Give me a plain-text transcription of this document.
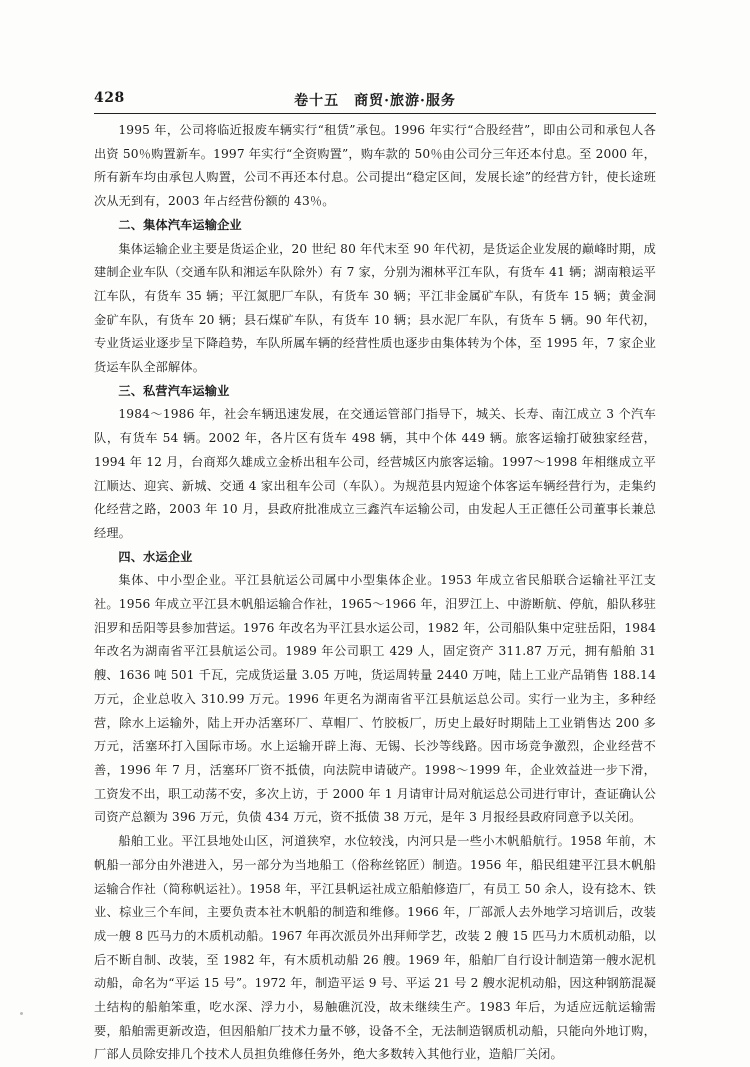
428	卷十五　商贸·旅游·服务

1995 年，公司将临近报废车辆实行“租赁”承包。1996 年实行“合股经营”，即由公司和承包人各出资 50％购置新车。1997 年实行“全资购置”，购车款的 50％由公司分三年还本付息。至 2000 年，所有新车均由承包人购置，公司不再还本付息。公司提出“稳定区间，发展长途”的经营方针，使长途班次从无到有，2003 年占经营份额的 43％。

二、集体汽车运输企业

集体运输企业主要是货运企业，20 世纪 80 年代末至 90 年代初，是货运企业发展的巅峰时期，成建制企业车队（交通车队和湘运车队除外）有 7 家，分别为湘林平江车队，有货车 41 辆；湖南粮运平江车队，有货车 35 辆；平江氮肥厂车队，有货车 30 辆；平江非金属矿车队，有货车 15 辆；黄金洞金矿车队，有货车 20 辆；县石煤矿车队，有货车 10 辆；县水泥厂车队，有货车 5 辆。90 年代初，专业货运业逐步呈下降趋势，车队所属车辆的经营性质也逐步由集体转为个体，至 1995 年，7 家企业货运车队全部解体。

三、私营汽车运输业

1984～1986 年，社会车辆迅速发展，在交通运管部门指导下，城关、长寿、南江成立 3 个汽车队，有货车 54 辆。2002 年，各片区有货车 498 辆，其中个体 449 辆。旅客运输打破独家经营，1994 年 12 月，台商郑久雄成立金桥出租车公司，经营城区内旅客运输。1997～1998 年相继成立平江顺达、迎宾、新城、交通 4 家出租车公司（车队）。为规范县内短途个体客运车辆经营行为，走集约化经营之路，2003 年 10 月，县政府批准成立三鑫汽车运输公司，由发起人王正德任公司董事长兼总经理。

四、水运企业

集体、中小型企业。平江县航运公司属中小型集体企业。1953 年成立省民船联合运输社平江支社。1956 年成立平江县木帆船运输合作社，1965～1966 年，汨罗江上、中游断航、停航，船队移驻汨罗和岳阳等县参加营运。1976 年改名为平江县水运公司，1982 年，公司船队集中定驻岳阳，1984 年改名为湖南省平江县航运公司。1989 年公司职工 429 人，固定资产 311.87 万元，拥有船舶 31 艘、1636 吨 501 千瓦，完成货运量 3.05 万吨，货运周转量 2440 万吨，陆上工业产品销售 188.14 万元，企业总收入 310.99 万元。1996 年更名为湖南省平江县航运总公司。实行一业为主，多种经营，除水上运输外，陆上开办活塞环厂、草帽厂、竹胶板厂，历史上最好时期陆上工业销售达 200 多万元，活塞环打入国际市场。水上运输开辟上海、无锡、长沙等线路。因市场竞争激烈，企业经营不善，1996 年 7 月，活塞环厂资不抵债，向法院申请破产。1998～1999 年，企业效益进一步下滑，工资发不出，职工动荡不安，多次上访，于 2000 年 1 月请审计局对航运总公司进行审计，查证确认公司资产总额为 396 万元，负债 434 万元，资不抵债 38 万元，是年 3 月报经县政府同意予以关闭。

船舶工业。平江县地处山区，河道狭窄，水位较浅，内河只是一些小木帆船航行。1958 年前，木帆船一部分由外港进入，另一部分为当地船工（俗称丝铭匠）制造。1956 年，船民组建平江县木帆船运输合作社（简称帆运社）。1958 年，平江县帆运社成立船舶修造厂，有员工 50 余人，设有捻木、铁业、棕业三个车间，主要负责本社木帆船的制造和维修。1966 年，厂部派人去外地学习培训后，改装成一艘 8 匹马力的木质机动船。1967 年再次派员外出拜师学艺，改装 2 艘 15 匹马力木质机动船，以后不断自制、改装，至 1982 年，有木质机动船 26 艘。1969 年，船舶厂自行设计制造第一艘水泥机动船，命名为“平运 15 号”。1972 年，制造平运 9 号、平运 21 号 2 艘水泥机动船，因这种钢筋混凝土结构的船舶笨重，吃水深、浮力小，易触礁沉没，故未继续生产。1983 年后，为适应远航运输需要，船舶需更新改造，但因船舶厂技术力量不够，设备不全，无法制造钢质机动船，只能向外地订购，厂部人员除安排几个技术人员担负维修任务外，绝大多数转入其他行业，造船厂关闭。
